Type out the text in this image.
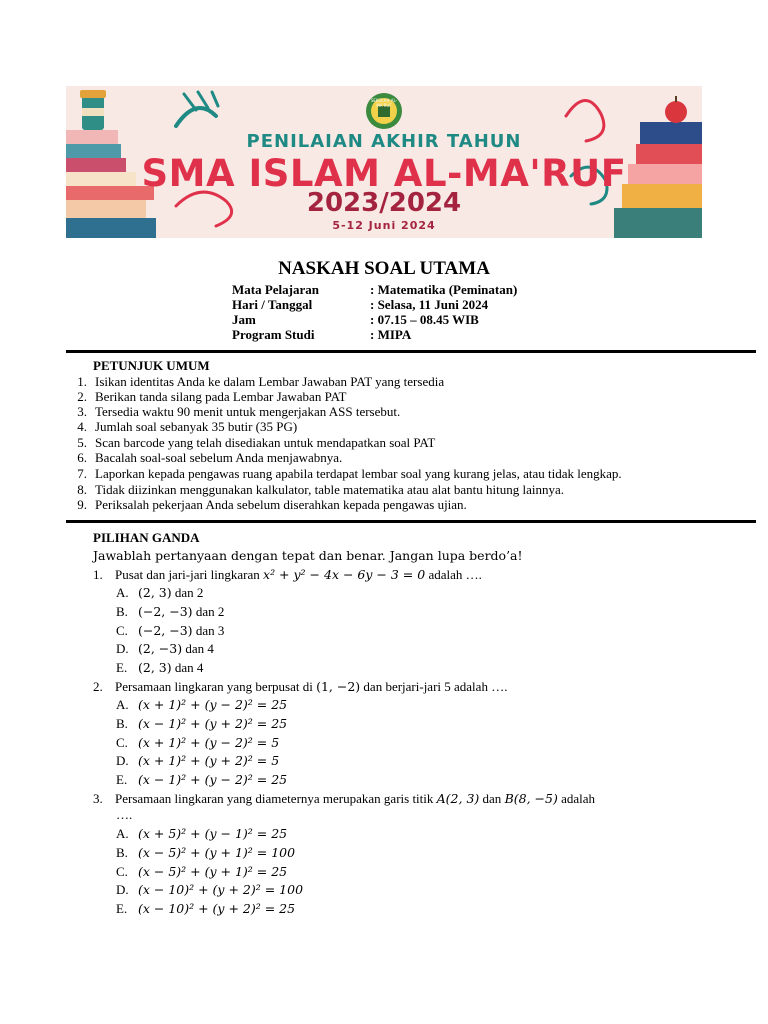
SEKOLAH AL-MA'RUF
PENILAIAN AKHIR TAHUN
SMA ISLAM AL-MA'RUF
2023/2024
5-12 Juni 2024
NASKAH SOAL UTAMA
Mata Pelajaran	: Matematika (Peminatan)
Hari / Tanggal	: Selasa, 11 Juni 2024
Jam	: 07.15 – 08.45 WIB
Program Studi	: MIPA
PETUNJUK UMUM
1. Isikan identitas Anda ke dalam Lembar Jawaban PAT yang tersedia
2. Berikan tanda silang pada Lembar Jawaban PAT
3. Tersedia waktu 90 menit untuk mengerjakan ASS tersebut.
4. Jumlah soal sebanyak 35 butir (35 PG)
5. Scan barcode yang telah disediakan untuk mendapatkan soal PAT
6. Bacalah soal-soal sebelum Anda menjawabnya.
7. Laporkan kepada pengawas ruang apabila terdapat lembar soal yang kurang jelas, atau tidak lengkap.
8. Tidak diizinkan menggunakan kalkulator, table matematika atau alat bantu hitung lainnya.
9. Periksalah pekerjaan Anda sebelum diserahkan kepada pengawas ujian.
PILIHAN GANDA
Jawablah pertanyaan dengan tepat dan benar. Jangan lupa berdo’a!
1. Pusat dan jari-jari lingkaran x² + y² − 4x − 6y − 3 = 0 adalah ….
A. (2, 3) dan 2
B. (−2, −3) dan 2
C. (−2, −3) dan 3
D. (2, −3) dan 4
E. (2, 3) dan 4
2. Persamaan lingkaran yang berpusat di (1, −2) dan berjari-jari 5 adalah ….
A. (x + 1)² + (y − 2)² = 25
B. (x − 1)² + (y + 2)² = 25
C. (x + 1)² + (y − 2)² = 5
D. (x + 1)² + (y + 2)² = 5
E. (x − 1)² + (y − 2)² = 25
3. Persamaan lingkaran yang diameternya merupakan garis titik A(2, 3) dan B(8, −5) adalah
….
A. (x + 5)² + (y − 1)² = 25
B. (x − 5)² + (y + 1)² = 100
C. (x − 5)² + (y + 1)² = 25
D. (x − 10)² + (y + 2)² = 100
E. (x − 10)² + (y + 2)² = 25
